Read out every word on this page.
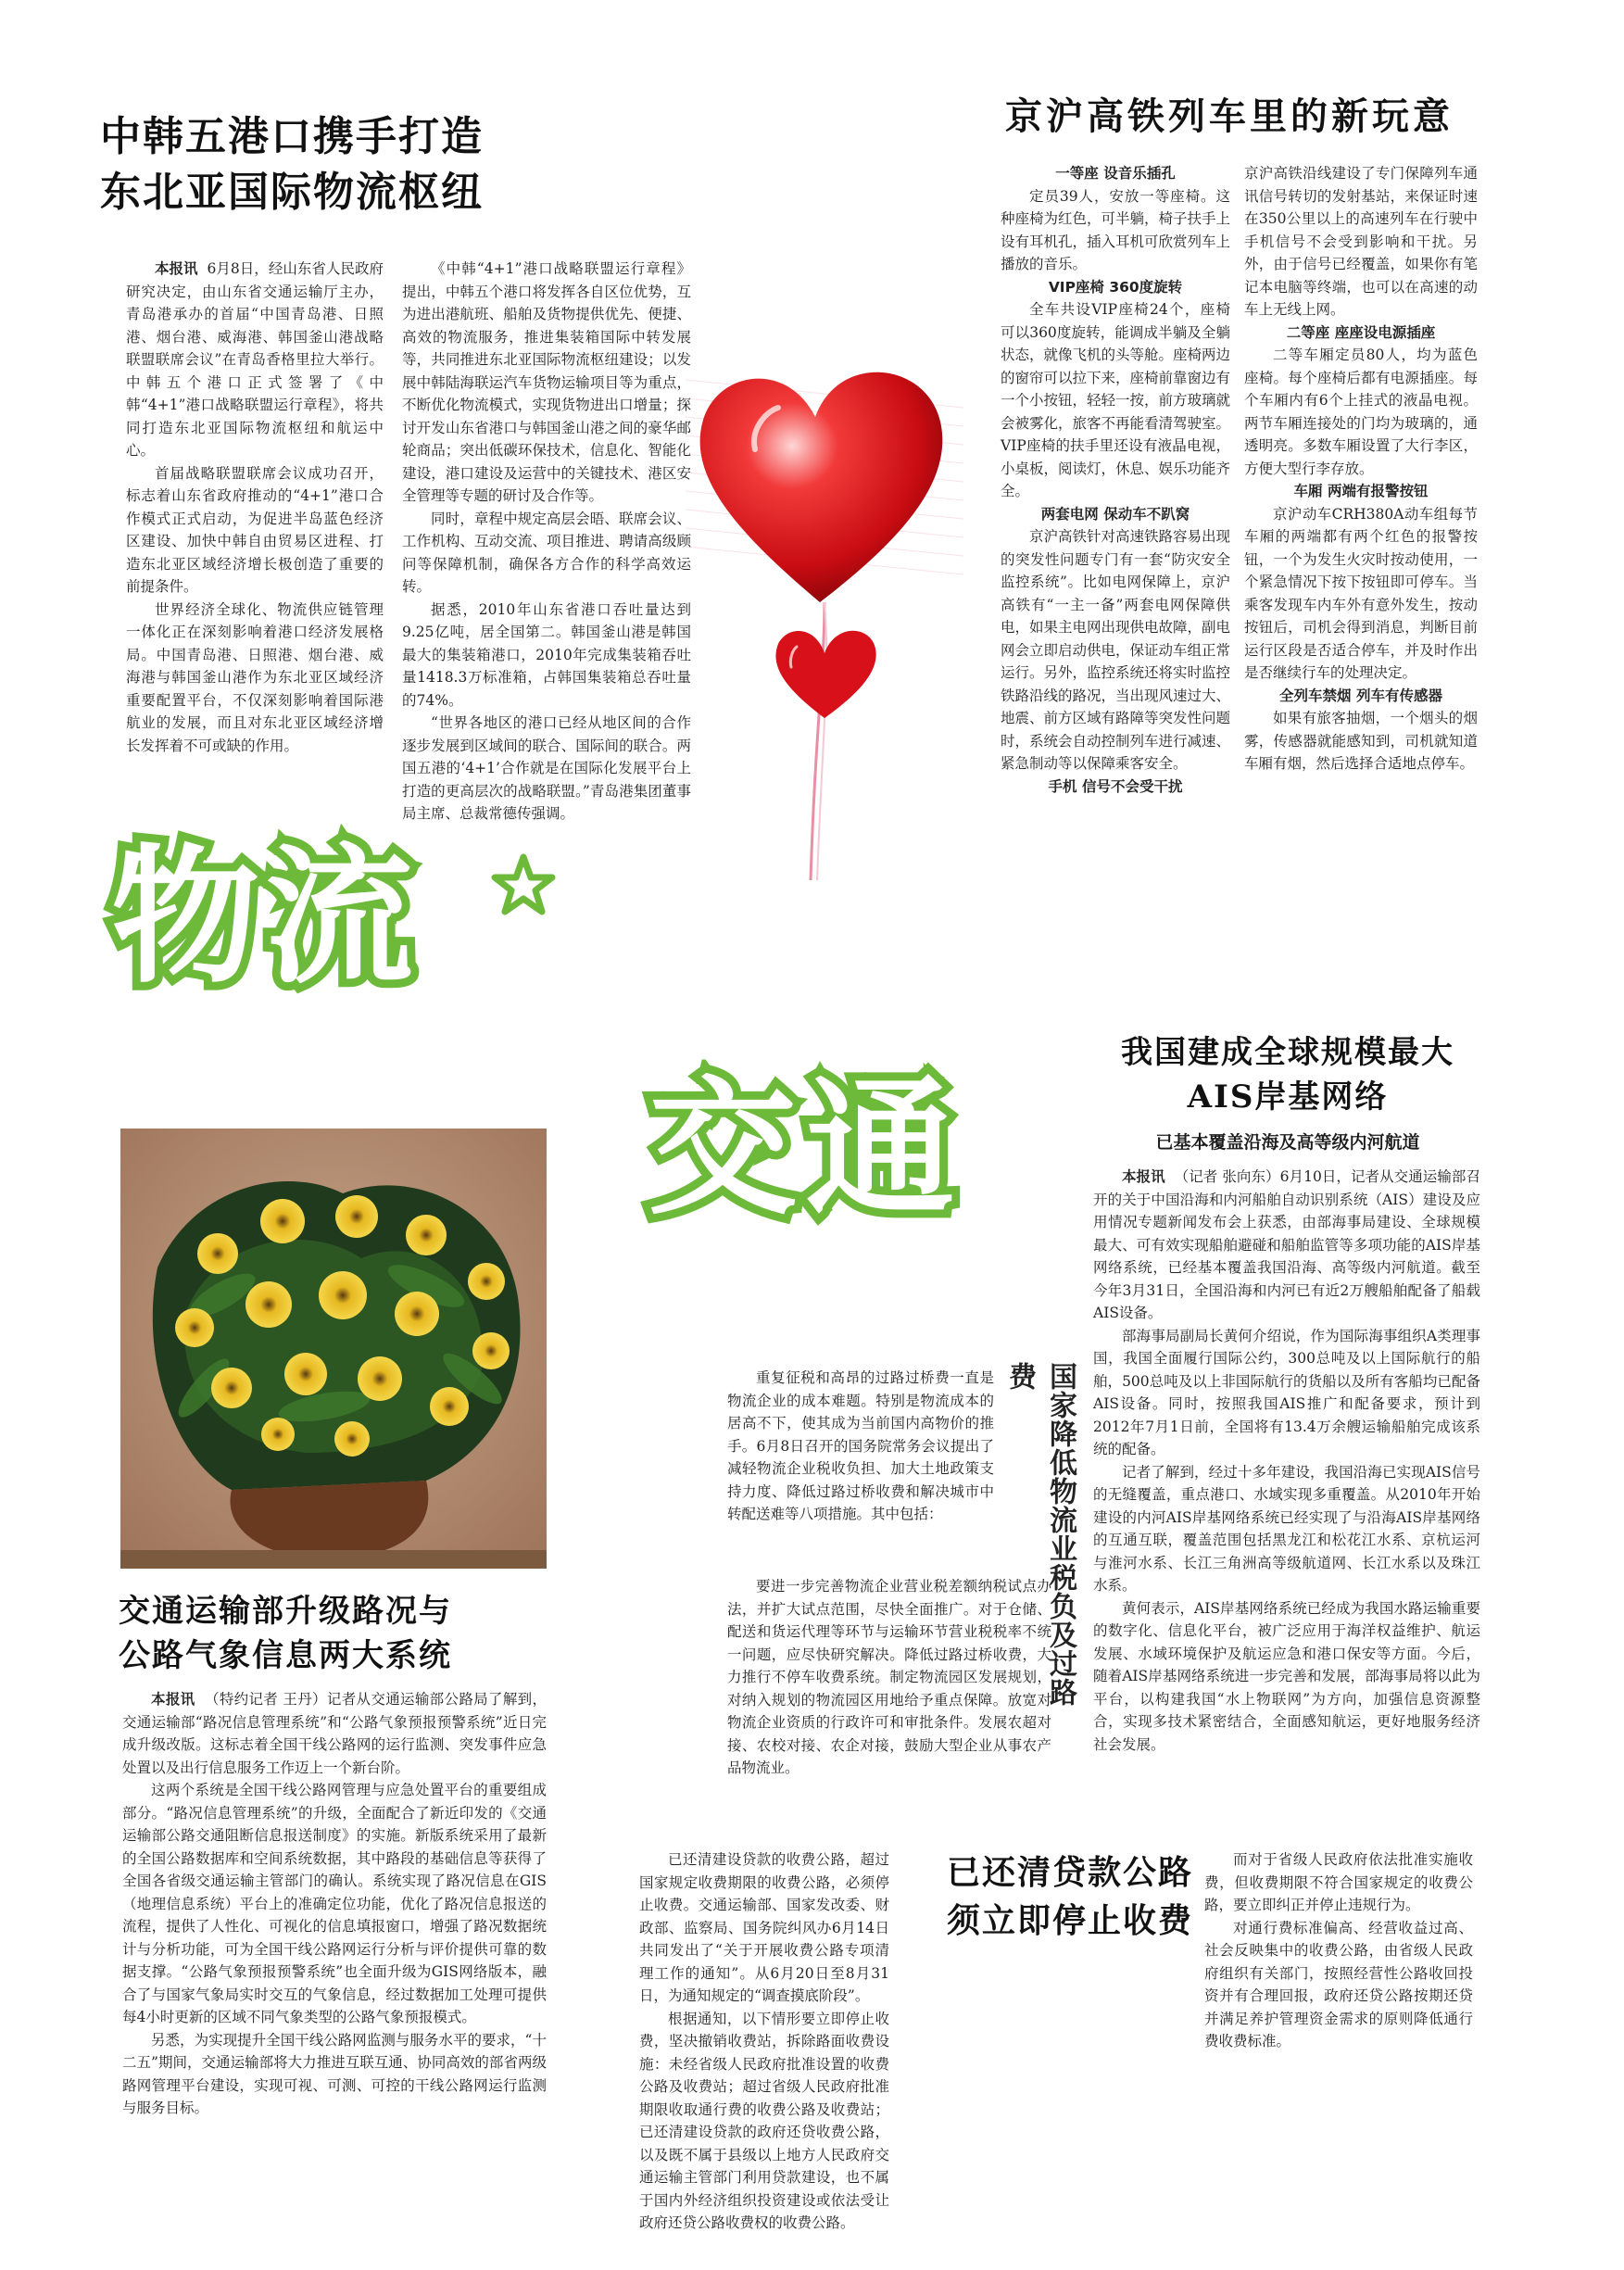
中韩五港口携手打造
东北亚国际物流枢纽

本报讯 6月8日，经山东省人民政府研究决定，由山东省交通运输厅主办，青岛港承办的首届“中国青岛港、日照港、烟台港、威海港、韩国釜山港战略联盟联席会议”在青岛香格里拉大举行。中韩五个港口正式签署了《中韩“4+1”港口战略联盟运行章程》，将共同打造东北亚国际物流枢纽和航运中心。

首届战略联盟联席会议成功召开，标志着山东省政府推动的“4+1”港口合作模式正式启动，为促进半岛蓝色经济区建设、加快中韩自由贸易区进程、打造东北亚区域经济增长极创造了重要的前提条件。

世界经济全球化、物流供应链管理一体化正在深刻影响着港口经济发展格局。中国青岛港、日照港、烟台港、威海港与韩国釜山港作为东北亚区域经济重要配置平台，不仅深刻影响着国际港航业的发展，而且对东北亚区域经济增长发挥着不可或缺的作用。

《中韩“4+1”港口战略联盟运行章程》提出，中韩五个港口将发挥各自区位优势，互为进出港航班、船舶及货物提供优先、便捷、高效的物流服务，推进集装箱国际中转发展等，共同推进东北亚国际物流枢纽建设；以发展中韩陆海联运汽车货物运输项目等为重点，不断优化物流模式，实现货物进出口增量；探讨开发山东省港口与韩国釜山港之间的豪华邮轮商品；突出低碳环保技术，信息化、智能化建设，港口建设及运营中的关键技术、港区安全管理等专题的研讨及合作等。

同时，章程中规定高层会晤、联席会议、工作机构、互动交流、项目推进、聘请高级顾问等保障机制，确保各方合作的科学高效运转。

据悉，2010年山东省港口吞吐量达到9.25亿吨，居全国第二。韩国釜山港是韩国最大的集装箱港口，2010年完成集装箱吞吐量1418.3万标准箱，占韩国集装箱总吞吐量的74%。

“世界各地区的港口已经从地区间的合作逐步发展到区域间的联合、国际间的联合。两国五港的‘4+1’合作就是在国际化发展平台上打造的更高层次的战略联盟。”青岛港集团董事局主席、总裁常德传强调。

京沪高铁列车里的新玩意
一等座 设音乐插孔

定员39人，安放一等座椅。这种座椅为红色，可半躺，椅子扶手上设有耳机孔，插入耳机可欣赏列车上播放的音乐。

VIP座椅 360度旋转

全车共设VIP座椅24个，座椅可以360度旋转，能调成半躺及全躺状态，就像飞机的头等舱。座椅两边的窗帘可以拉下来，座椅前靠窗边有一个小按钮，轻轻一按，前方玻璃就会被雾化，旅客不再能看清驾驶室。VIP座椅的扶手里还设有液晶电视，小桌板，阅读灯，休息、娱乐功能齐全。

两套电网 保动车不趴窝

京沪高铁针对高速铁路容易出现的突发性问题专门有一套“防灾安全监控系统”。比如电网保障上，京沪高铁有“一主一备”两套电网保障供电，如果主电网出现供电故障，副电网会立即启动供电，保证动车组正常运行。另外，监控系统还将实时监控铁路沿线的路况，当出现风速过大、地震、前方区域有路障等突发性问题时，系统会自动控制列车进行减速、紧急制动等以保障乘客安全。

手机 信号不会受干扰

京沪高铁沿线建设了专门保障列车通讯信号转切的发射基站，来保证时速在350公里以上的高速列车在行驶中手机信号不会受到影响和干扰。另外，由于信号已经覆盖，如果你有笔记本电脑等终端，也可以在高速的动车上无线上网。

二等座 座座设电源插座

二等车厢定员80人，均为蓝色座椅。每个座椅后都有电源插座。每个车厢内有6个上挂式的液晶电视。两节车厢连接处的门均为玻璃的，通透明亮。多数车厢设置了大行李区，方便大型行李存放。

车厢 两端有报警按钮

京沪动车CRH380A动车组每节车厢的两端都有两个红色的报警按钮，一个为发生火灾时按动使用，一个紧急情况下按下按钮即可停车。当乘客发现车内车外有意外发生，按动按钮后，司机会得到消息，判断目前运行区段是否适合停车，并及时作出是否继续行车的处理决定。

全列车禁烟 列车有传感器

如果有旅客抽烟，一个烟头的烟雾，传感器就能感知到，司机就知道车厢有烟，然后选择合适地点停车。

物流
交通
我国建成全球规模最大
AIS岸基网络
已基本覆盖沿海及高等级内河航道

本报讯 （记者 张向东）6月10日，记者从交通运输部召开的关于中国沿海和内河船舶自动识别系统（AIS）建设及应用情况专题新闻发布会上获悉，由部海事局建设、全球规模最大、可有效实现船舶避碰和船舶监管等多项功能的AIS岸基网络系统，已经基本覆盖我国沿海、高等级内河航道。截至今年3月31日，全国沿海和内河已有近2万艘船舶配备了船载AIS设备。

部海事局副局长黄何介绍说，作为国际海事组织A类理事国，我国全面履行国际公约，300总吨及以上国际航行的船舶，500总吨及以上非国际航行的货船以及所有客船均已配备AIS设备。同时，按照我国AIS推广和配备要求，预计到2012年7月1日前，全国将有13.4万余艘运输船舶完成该系统的配备。

记者了解到，经过十多年建设，我国沿海已实现AIS信号的无缝覆盖，重点港口、水域实现多重覆盖。从2010年开始建设的内河AIS岸基网络系统已经实现了与沿海AIS岸基网络的互通互联，覆盖范围包括黑龙江和松花江水系、京杭运河与淮河水系、长江三角洲高等级航道网、长江水系以及珠江水系。

黄何表示，AIS岸基网络系统已经成为我国水路运输重要的数字化、信息化平台，被广泛应用于海洋权益维护、航运发展、水域环境保护及航运应急和港口保安等方面。今后，随着AIS岸基网络系统进一步完善和发展，部海事局将以此为平台，以构建我国“水上物联网”为方向，加强信息资源整合，实现多技术紧密结合，全面感知航运，更好地服务经济社会发展。

重复征税和高昂的过路过桥费一直是物流企业的成本难题。特别是物流成本的居高不下，使其成为当前国内高物价的推手。6月8日召开的国务院常务会议提出了减轻物流企业税收负担、加大土地政策支持力度、降低过路过桥收费和解决城市中转配送难等八项措施。其中包括：	国家降低物流业税负及过路费

要进一步完善物流企业营业税差额纳税试点办法，并扩大试点范围，尽快全面推广。对于仓储、配送和货运代理等环节与运输环节营业税税率不统一问题，应尽快研究解决。降低过路过桥收费，大力推行不停车收费系统。制定物流园区发展规划，对纳入规划的物流园区用地给予重点保障。放宽对物流企业资质的行政许可和审批条件。发展农超对接、农校对接、农企对接，鼓励大型企业从事农产品物流业。

交通运输部升级路况与
公路气象信息两大系统

本报讯 （特约记者 王丹）记者从交通运输部公路局了解到，交通运输部“路况信息管理系统”和“公路气象预报预警系统”近日完成升级改版。这标志着全国干线公路网的运行监测、突发事件应急处置以及出行信息服务工作迈上一个新台阶。

这两个系统是全国干线公路网管理与应急处置平台的重要组成部分。“路况信息管理系统”的升级，全面配合了新近印发的《交通运输部公路交通阻断信息报送制度》的实施。新版系统采用了最新的全国公路数据库和空间系统数据，其中路段的基础信息等获得了全国各省级交通运输主管部门的确认。系统实现了路况信息在GIS（地理信息系统）平台上的准确定位功能，优化了路况信息报送的流程，提供了人性化、可视化的信息填报窗口，增强了路况数据统计与分析功能，可为全国干线公路网运行分析与评价提供可靠的数据支撑。“公路气象预报预警系统”也全面升级为GIS网络版本，融合了与国家气象局实时交互的气象信息，经过数据加工处理可提供每4小时更新的区域不同气象类型的公路气象预报模式。

另悉，为实现提升全国干线公路网监测与服务水平的要求，“十二五”期间，交通运输部将大力推进互联互通、协同高效的部省两级路网管理平台建设，实现可视、可测、可控的干线公路网运行监测与服务目标。

已还清建设贷款的收费公路，超过国家规定收费期限的收费公路，必须停止收费。交通运输部、国家发改委、财政部、监察局、国务院纠风办6月14日共同发出了“关于开展收费公路专项清理工作的通知”。从6月20日至8月31日，为通知规定的“调查摸底阶段”。

根据通知，以下情形要立即停止收费，坚决撤销收费站，拆除路面收费设施：未经省级人民政府批准设置的收费公路及收费站；超过省级人民政府批准期限收取通行费的收费公路及收费站；已还清建设贷款的政府还贷收费公路，以及既不属于县级以上地方人民政府交通运输主管部门利用贷款建设，也不属于国内外经济组织投资建设或依法受让政府还贷公路收费权的收费公路。

已还清贷款公路
须立即停止收费

而对于省级人民政府依法批准实施收费，但收费期限不符合国家规定的收费公路，要立即纠正并停止违规行为。

对通行费标准偏高、经营收益过高、社会反映集中的收费公路，由省级人民政府组织有关部门，按照经营性公路收回投资并有合理回报，政府还贷公路按期还贷并满足养护管理资金需求的原则降低通行费收费标准。
